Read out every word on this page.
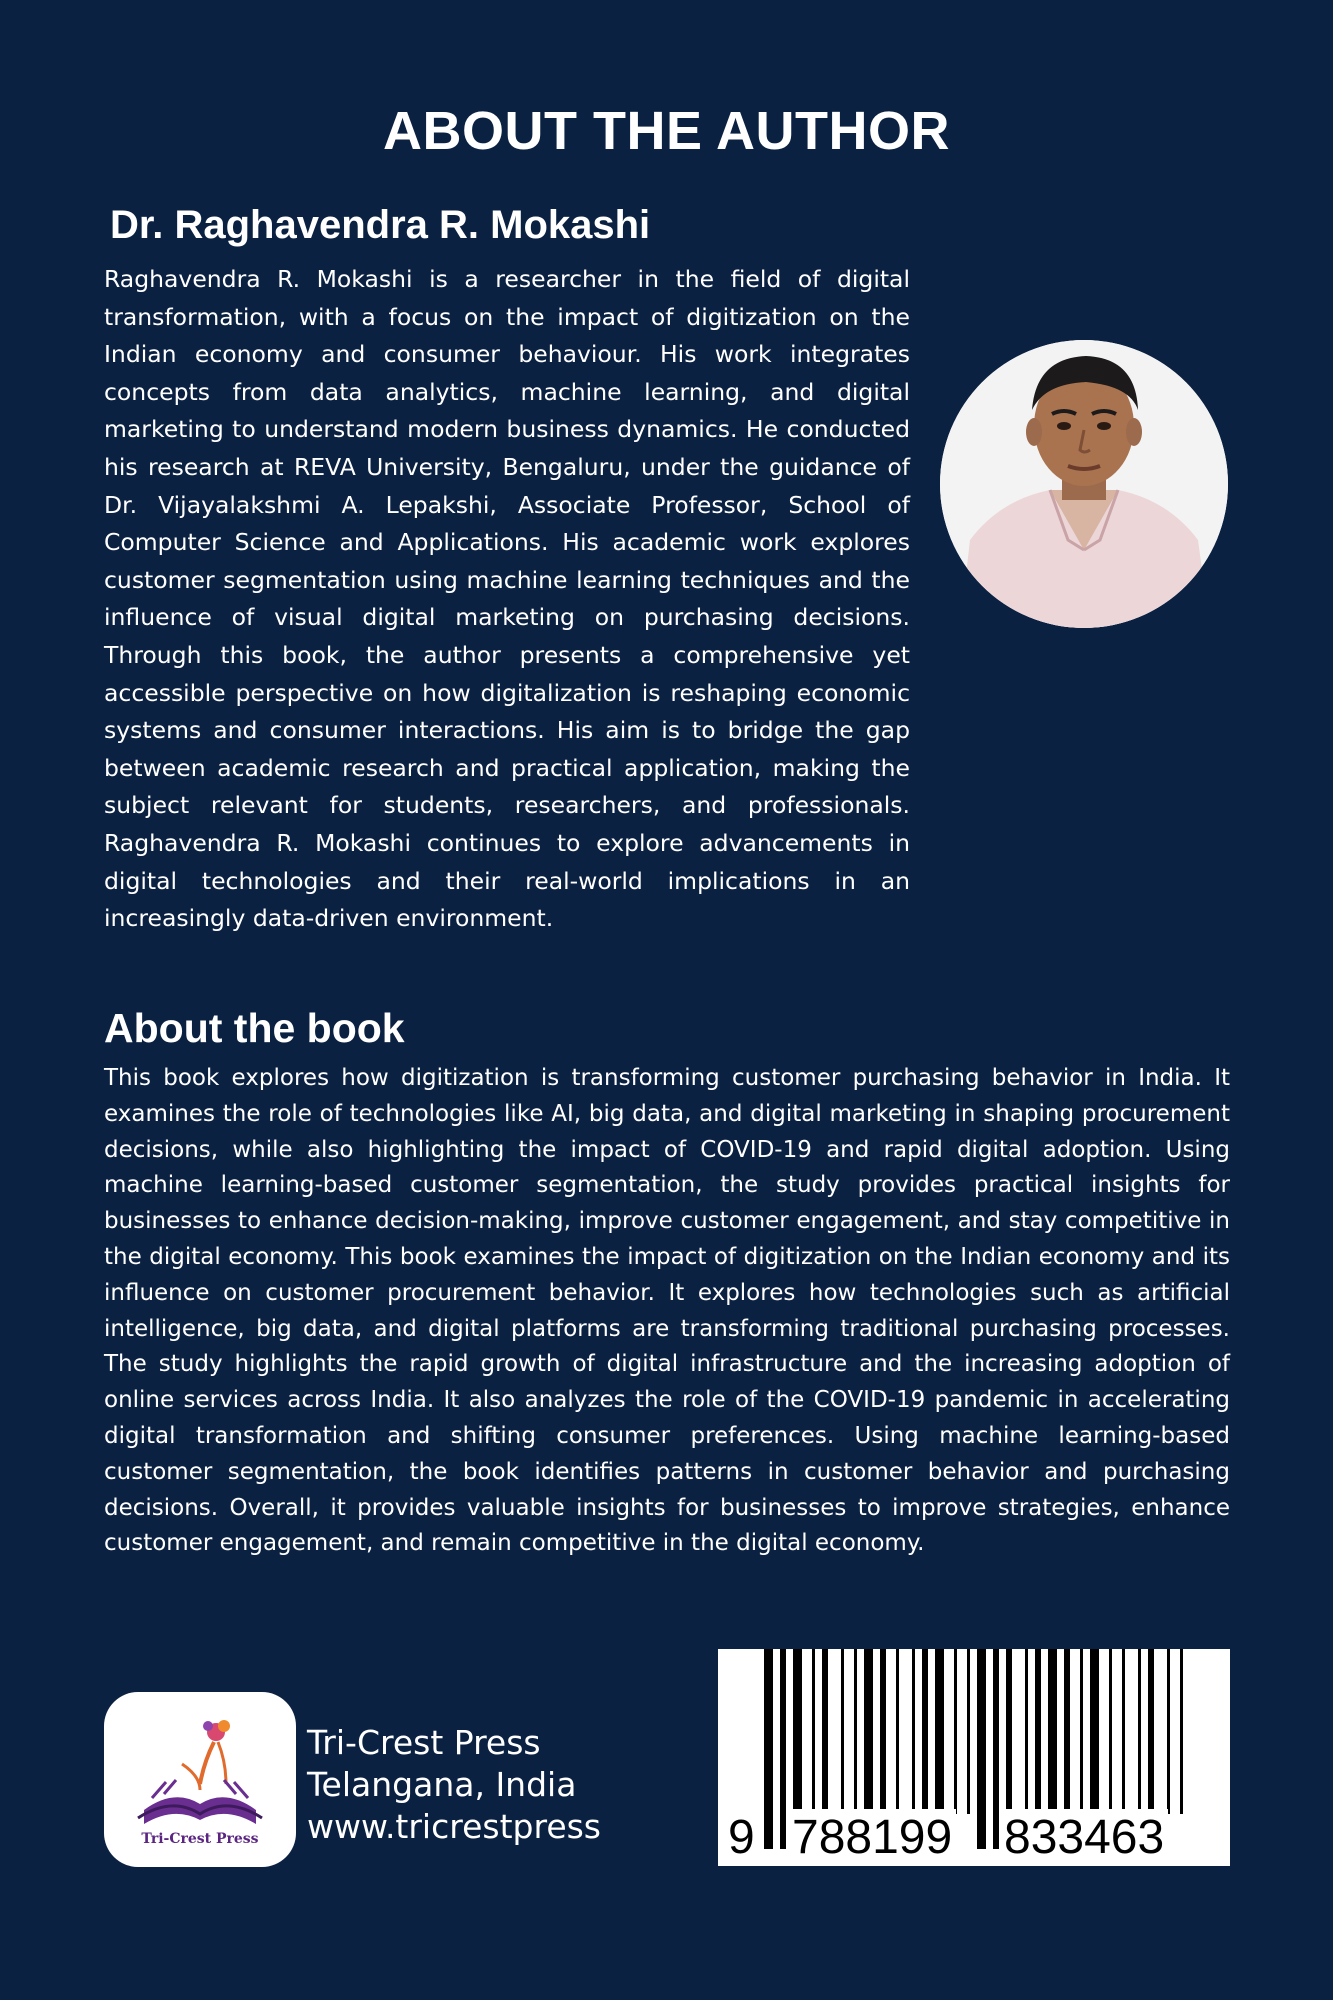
ABOUT THE AUTHOR
Dr. Raghavendra R. Mokashi
Raghavendra R. Mokashi is a researcher in the field of digital transformation, with a focus on the impact of digitization on the Indian economy and consumer behaviour. His work integrates concepts from data analytics, machine learning, and digital marketing to understand modern business dynamics. He conducted his research at REVA University, Bengaluru, under the guidance of Dr. Vijayalakshmi A. Lepakshi, Associate Professor, School of Computer Science and Applications. His academic work explores customer segmentation using machine learning techniques and the influence of visual digital marketing on purchasing decisions. Through this book, the author presents a comprehensive yet accessible perspective on how digitalization is reshaping economic systems and consumer interactions. His aim is to bridge the gap between academic research and practical application, making the subject relevant for students, researchers, and professionals. Raghavendra R. Mokashi continues to explore advancements in digital technologies and their real-world implications in an increasingly data-driven environment.
About the book
This book explores how digitization is transforming customer purchasing behavior in India. It examines the role of technologies like AI, big data, and digital marketing in shaping procurement decisions, while also highlighting the impact of COVID-19 and rapid digital adoption. Using machine learning-based customer segmentation, the study provides practical insights for businesses to enhance decision-making, improve customer engagement, and stay competitive in the digital economy. This book examines the impact of digitization on the Indian economy and its influence on customer procurement behavior. It explores how technologies such as artificial intelligence, big data, and digital platforms are transforming traditional purchasing processes. The study highlights the rapid growth of digital infrastructure and the increasing adoption of online services across India. It also analyzes the role of the COVID-19 pandemic in accelerating digital transformation and shifting consumer preferences. Using machine learning-based customer segmentation, the book identifies patterns in customer behavior and purchasing decisions. Overall, it provides valuable insights for businesses to improve strategies, enhance customer engagement, and remain competitive in the digital economy.
Tri-Crest Press
Tri-Crest Press
Telangana, India
www.tricrestpress	9 788199 833463
